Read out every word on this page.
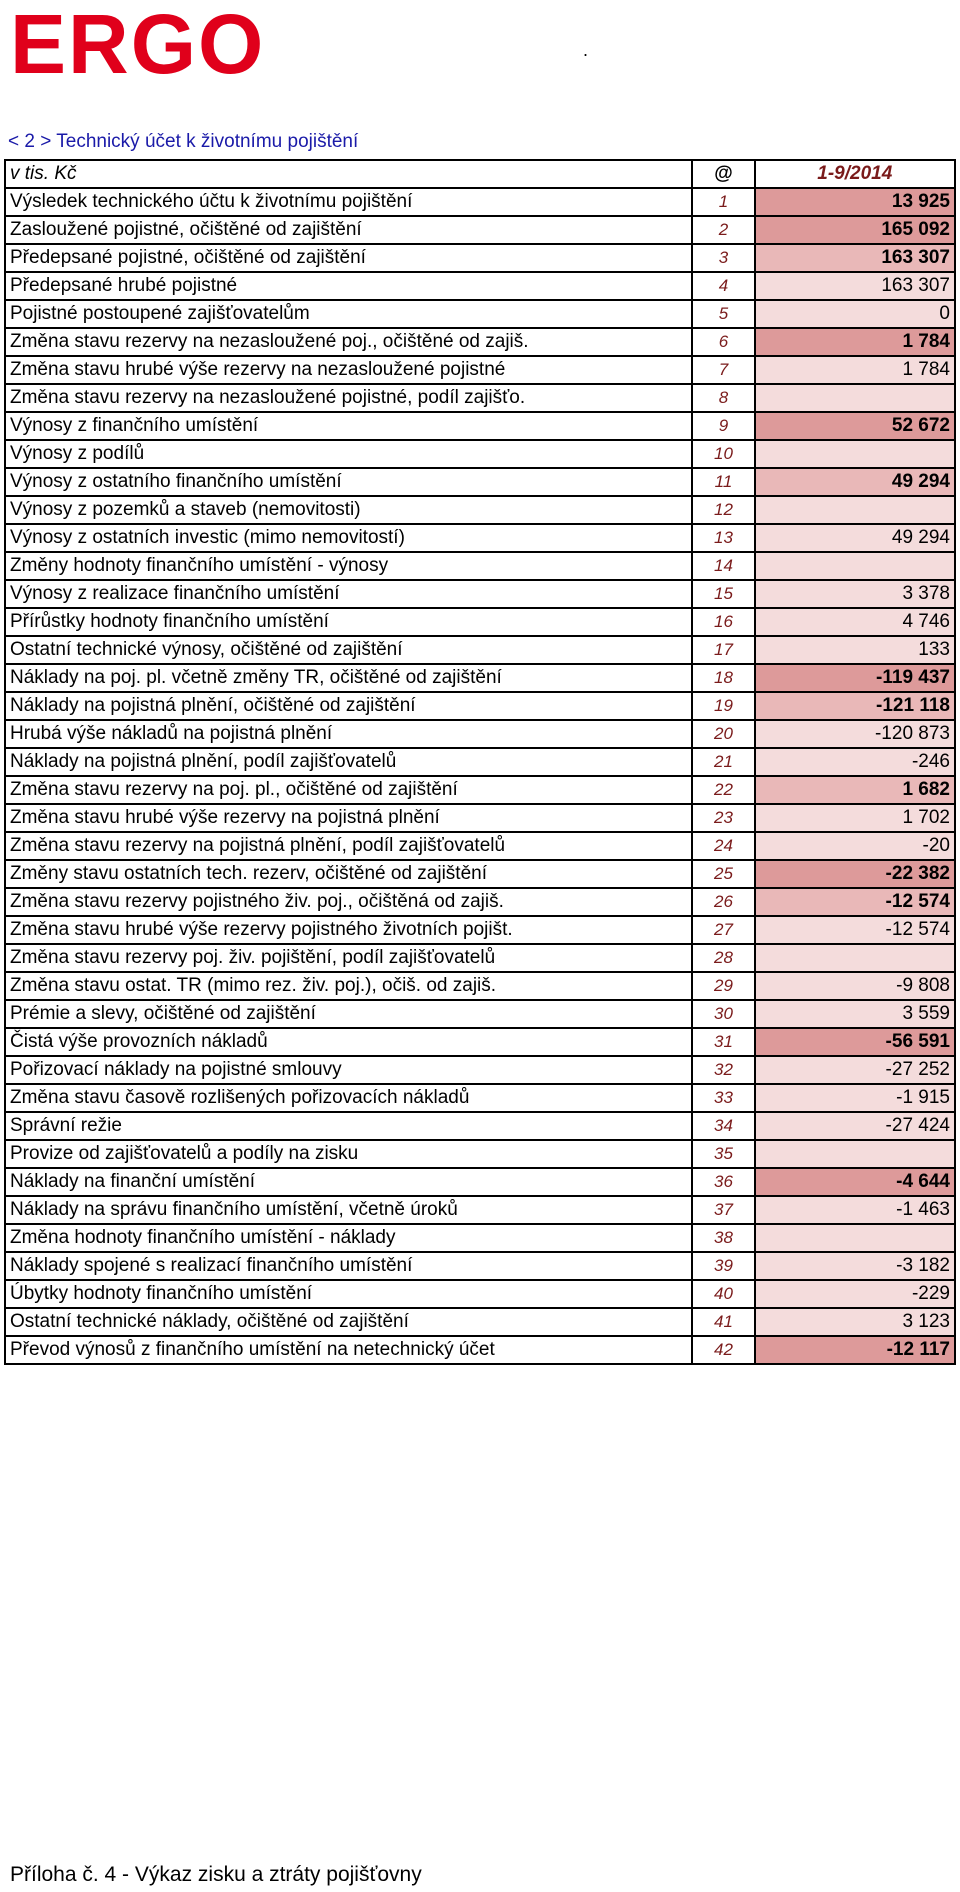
ERGO	.
< 2 > Technický účet k životnímu pojištění
v tis. Kč	@	1-9/2014
Výsledek technického účtu k životnímu pojištění	1	13 925
Zasloužené pojistné, očištěné od zajištění	2	165 092
Předepsané pojistné, očištěné od zajištění	3	163 307
Předepsané hrubé pojistné	4	163 307
Pojistné postoupené zajišťovatelům	5	0
Změna stavu rezervy na nezasloužené poj., očištěné od zajiš.	6	1 784
Změna stavu hrubé výše rezervy na nezasloužené pojistné	7	1 784
Změna stavu rezervy na nezasloužené pojistné, podíl zajišťo.	8	
Výnosy z finančního umístění	9	52 672
Výnosy z podílů	10	
Výnosy z ostatního finančního umístění	11	49 294
Výnosy z pozemků a staveb (nemovitosti)	12	
Výnosy z ostatních investic (mimo nemovitostí)	13	49 294
Změny hodnoty finančního umístění - výnosy	14	
Výnosy z realizace finančního umístění	15	3 378
Přírůstky hodnoty finančního umístění	16	4 746
Ostatní technické výnosy, očištěné od zajištění	17	133
Náklady na poj. pl. včetně změny TR, očištěné od zajištění	18	-119 437
Náklady na pojistná plnění, očištěné od zajištění	19	-121 118
Hrubá výše nákladů na pojistná plnění	20	-120 873
Náklady na pojistná plnění, podíl zajišťovatelů	21	-246
Změna stavu rezervy na poj. pl., očištěné od zajištění	22	1 682
Změna stavu hrubé výše rezervy na pojistná plnění	23	1 702
Změna stavu rezervy na pojistná plnění, podíl zajišťovatelů	24	-20
Změny stavu ostatních tech. rezerv, očištěné od zajištění	25	-22 382
Změna stavu rezervy pojistného živ. poj., očištěná od zajiš.	26	-12 574
Změna stavu hrubé výše rezervy pojistného životních pojišt.	27	-12 574
Změna stavu rezervy poj. živ. pojištění, podíl zajišťovatelů	28	
Změna stavu ostat. TR (mimo rez. živ. poj.), očiš. od zajiš.	29	-9 808
Prémie a slevy, očištěné od zajištění	30	3 559
Čistá výše provozních nákladů	31	-56 591
Pořizovací náklady na pojistné smlouvy	32	-27 252
Změna stavu časově rozlišených pořizovacích nákladů	33	-1 915
Správní režie	34	-27 424
Provize od zajišťovatelů a podíly na zisku	35	
Náklady na finanční umístění	36	-4 644
Náklady na správu finančního umístění, včetně úroků	37	-1 463
Změna hodnoty finančního umístění - náklady	38	
Náklady spojené s realizací finančního umístění	39	-3 182
Úbytky hodnoty finančního umístění	40	-229
Ostatní technické náklady, očištěné od zajištění	41	3 123
Převod výnosů z finančního umístění na netechnický účet	42	-12 117
Příloha č. 4 - Výkaz zisku a ztráty pojišťovny
